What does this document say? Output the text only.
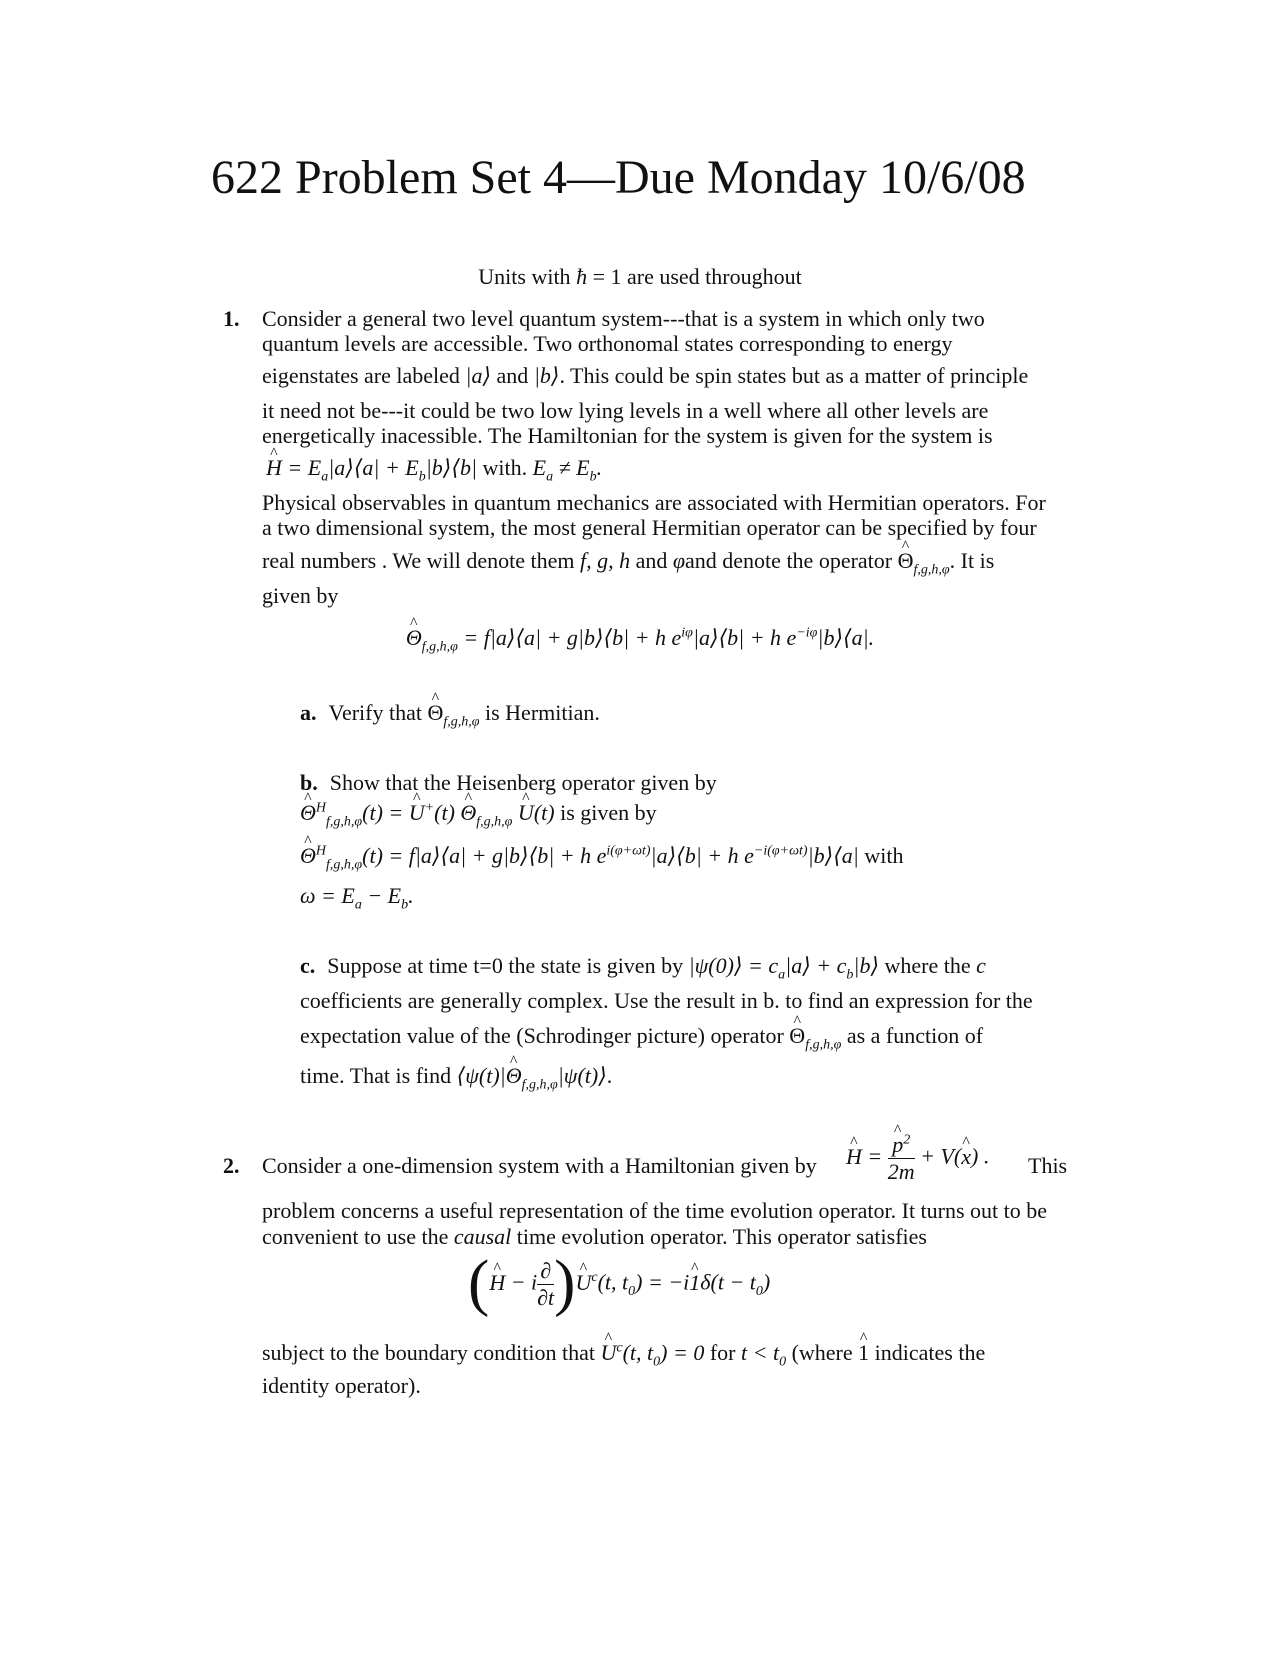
622 Problem Set 4—Due Monday 10/6/08
Units with ħ = 1 are used throughout
1. Consider a general two level quantum system---that is a system in which only two
quantum levels are accessible. Two orthonomal states corresponding to energy
eigenstates are labeled |a⟩ and |b⟩. This could be spin states but as a matter of principle
it need not be---it could be two low lying levels in a well where all other levels are
energetically inacessible. The Hamiltonian for the system is given for the system is
^ $H = E_a|a⟩⟨a|$ + $E_b|b⟩⟨b|$ with. $E_a \ne E_b$.
Physical observables in quantum mechanics are associated with Hermitian operators. For
a two dimensional system, the most general Hermitian operator can be specified by four
real numbers . We will denote them f, g, h and φand denote the operator ^ $\Theta_{f,g,h,\varphi}$. It is
given by
^ $\Theta_{f,g,h,\varphi}$ = f|a⟩⟨a| + g|b⟩⟨b| + h $e^{i\varphi}|a⟩⟨b| + h$ $e^{-i\varphi}|b⟩⟨a|$.
a. Verify that ^ $\Theta_{f,g,h,\varphi}$ is Hermitian.
b. Show that the Heisenberg operator given by
^ $\Theta^H_{f,g,h,\varphi}(t)$ = ^ U+(t) ^ $\Theta_{f,g,h,\varphi}$ ^ U(t) is given by
^ $\Theta^H_{f,g,h,\varphi}(t)$ = f|a⟩⟨a| + g|b⟩⟨b| + h $e^{i(\varphi+\omega t)}|a⟩⟨b| + h$ $e^{-i(\varphi+\omega t)}|b⟩⟨a|$ with
$\omega = E_a - E_b$.
c. Suppose at time t=0 the state is given by |ψ(0)⟩ = $c_a|a⟩$ + $c_b|b⟩$ where the c
coefficients are generally complex. Use the result in b. to find an expression for the
expectation value of the (Schrodinger picture) operator ^ $\Theta_{f,g,h,\varphi}$ as a function of
time. That is find ⟨ψ(t)|^ $\Theta_{f,g,h,\varphi}|\psi(t)⟩$.
2. Consider a one-dimension system with a Hamiltonian given by ^ H = ^ $\frac{p^2}{2m}$ + V(^ x) . This
problem concerns a useful representation of the time evolution operator. It turns out to be
convenient to use the causal time evolution operator. This operator satisfies
(^ H − i $\frac{\partial}{\partial t}$ )^ $U^c(t$, $t_0$) = −i^ $1\delta(t - t_0)$
subject to the boundary condition that ^ $U^c(t$, $t_0) = 0$ for $t < t_0$ (where ^ 1 indicates the
identity operator).
